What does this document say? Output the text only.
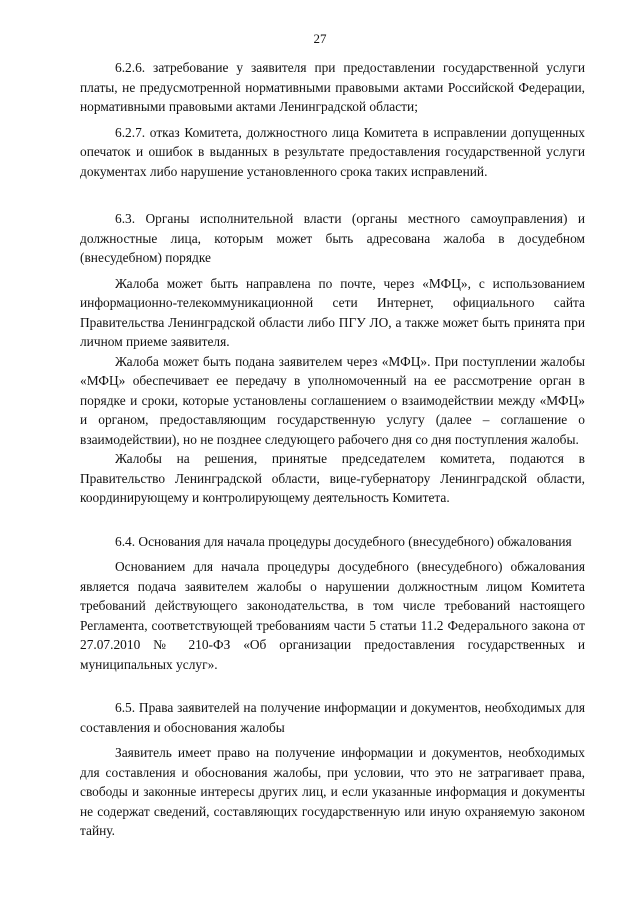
27

6.2.6. затребование у заявителя при предоставлении государственной услуги платы, не предусмотренной нормативными правовыми актами Российской Федерации, нормативными правовыми актами Ленинградской области;

6.2.7. отказ Комитета, должностного лица Комитета в исправлении допущенных опечаток и ошибок в выданных в результате предоставления государственной услуги документах либо нарушение установленного срока таких исправлений.

6.3. Органы исполнительной власти (органы местного самоуправления) и должностные лица, которым может быть адресована жалоба в досудебном (внесудебном) порядке

Жалоба может быть направлена по почте, через «МФЦ», с использованием информационно-телекоммуникационной сети Интернет, официального сайта Правительства Ленинградской области либо ПГУ ЛО, а также может быть принята при личном приеме заявителя.

Жалоба может быть подана заявителем через «МФЦ». При поступлении жалобы «МФЦ» обеспечивает ее передачу в уполномоченный на ее рассмотрение орган в порядке и сроки, которые установлены соглашением о взаимодействии между «МФЦ» и органом, предоставляющим государственную услугу (далее – соглашение о взаимодействии), но не позднее следующего рабочего дня со дня поступления жалобы.

Жалобы на решения, принятые председателем комитета, подаются в Правительство Ленинградской области, вице-губернатору Ленинградской области, координирующему и контролирующему деятельность Комитета.

6.4. Основания для начала процедуры досудебного (внесудебного) обжалования

Основанием для начала процедуры досудебного (внесудебного) обжалования является подача заявителем жалобы о нарушении должностным лицом Комитета требований действующего законодательства, в том числе требований настоящего Регламента, соответствующей требованиям части 5 статьи 11.2 Федерального закона от 27.07.2010 № 210-ФЗ «Об организации предоставления государственных и муниципальных услуг».

6.5. Права заявителей на получение информации и документов, необходимых для составления и обоснования жалобы

Заявитель имеет право на получение информации и документов, необходимых для составления и обоснования жалобы, при условии, что это не затрагивает права, свободы и законные интересы других лиц, и если указанные информация и документы не содержат сведений, составляющих государственную или иную охраняемую законом тайну.
